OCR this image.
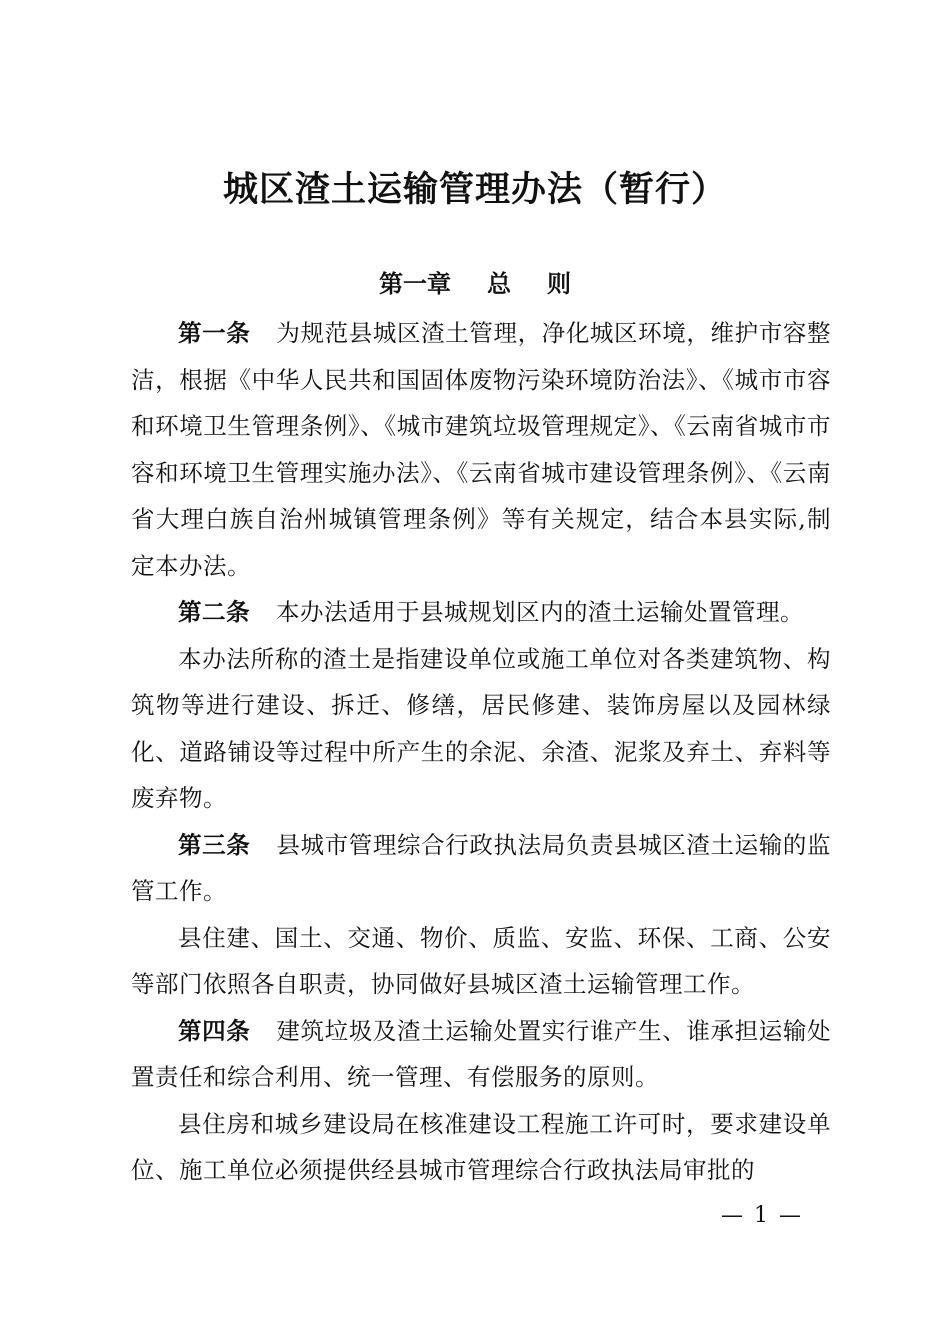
城区渣土运输管理办法（暂行）
第一章 总 则

第一条 为规范县城区渣土管理，净化城区环境，维护市容整洁，根据《中华人民共和国固体废物污染环境防治法》、《城市市容和环境卫生管理条例》、《城市建筑垃圾管理规定》、《云南省城市市容和环境卫生管理实施办法》、《云南省城市建设管理条例》、《云南省大理白族自治州城镇管理条例》等有关规定，结合本县实际,制定本办法。

第二条 本办法适用于县城规划区内的渣土运输处置管理。

本办法所称的渣土是指建设单位或施工单位对各类建筑物、构筑物等进行建设、拆迁、修缮，居民修建、装饰房屋以及园林绿化、道路铺设等过程中所产生的余泥、余渣、泥浆及弃土、弃料等废弃物。

第三条 县城市管理综合行政执法局负责县城区渣土运输的监管工作。

县住建、国土、交通、物价、质监、安监、环保、工商、公安等部门依照各自职责，协同做好县城区渣土运输管理工作。

第四条 建筑垃圾及渣土运输处置实行谁产生、谁承担运输处置责任和综合利用、统一管理、有偿服务的原则。

县住房和城乡建设局在核准建设工程施工许可时，要求建设单位、施工单位必须提供经县城市管理综合行政执法局审批的

— 1 —
